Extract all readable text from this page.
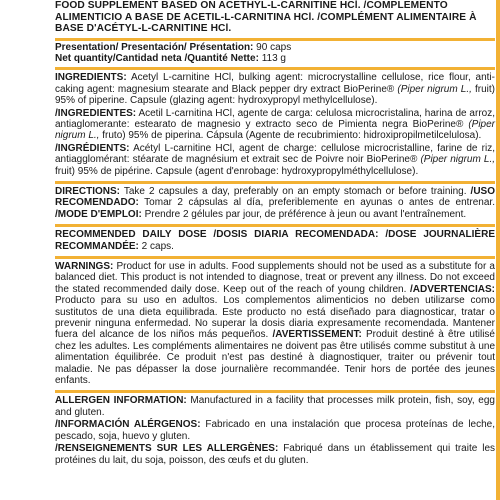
FOOD SUPPLEMENT BASED ON ACETHYL-L-CARNITINE HCl. /COMPLEMENTO ALIMENTICIO A BASE DE ACETIL-L-CARNITINA HCl. /COMPLÉMENT ALIMENTAIRE À BASE D'ACÉTYL-L-CARNITINE HCl.
Presentation/ Presentación/ Présentation: 90 caps
Net quantity/Cantidad neta /Quantité Nette: 113 g
INGREDIENTS: Acetyl L-carnitine HCl, bulking agent: microcrystalline cellulose, rice flour, anti-caking agent: magnesium stearate and Black pepper dry extract BioPerine® (Piper nigrum L., fruit) 95% of piperine. Capsule (glazing agent: hydroxypropyl methylcellulose).
/INGREDIENTES: Acetil L-carnitina HCl, agente de carga: celulosa microcristalina, harina de arroz, antiaglomerante: estearato de magnesio y extracto seco de Pimienta negra BioPerine® (Piper nigrum L., fruto) 95% de piperina. Cápsula (Agente de recubrimiento: hidroxipropilmetilcelulosa).
/INGRÉDIENTS: Acétyl L-carnitine HCl, agent de charge: cellulose microcristalline, farine de riz, antiagglomérant: stéarate de magnésium et extrait sec de Poivre noir BioPerine® (Piper nigrum L., fruit) 95% de pipérine. Capsule (agent d'enrobage: hydroxypropylméthylcellulose).
DIRECTIONS: Take 2 capsules a day, preferably on an empty stomach or before training. /USO RECOMENDADO: Tomar 2 cápsulas al día, preferiblemente en ayunas o antes de entrenar. /MODE D'EMPLOI: Prendre 2 gélules par jour, de préférence à jeun ou avant l'entraînement.
RECOMMENDED DAILY DOSE /DOSIS DIARIA RECOMENDADA: /DOSE JOURNALIÈRE RECOMMANDÉE: 2 caps.
WARNINGS: Product for use in adults. Food supplements should not be used as a substitute for a balanced diet. This product is not intended to diagnose, treat or prevent any illness. Do not exceed the stated recommended daily dose. Keep out of the reach of young children. /ADVERTENCIAS: Producto para su uso en adultos. Los complementos alimenticios no deben utilizarse como sustitutos de una dieta equilibrada. Este producto no está diseñado para diagnosticar, tratar o prevenir ninguna enfermedad. No superar la dosis diaria expresamente recomendada. Mantener fuera del alcance de los niños más pequeños. /AVERTISSEMENT: Produit destiné à être utilisé chez les adultes. Les compléments alimentaires ne doivent pas être utilisés comme substitut à une alimentation équilibrée. Ce produit n'est pas destiné à diagnostiquer, traiter ou prévenir tout maladie. Ne pas dépasser la dose journalière recommandée. Tenir hors de portée des jeunes enfants.
ALLERGEN INFORMATION: Manufactured in a facility that processes milk protein, fish, soy, egg and gluten.
/INFORMACIÓN ALÉRGENOS: Fabricado en una instalación que procesa proteínas de leche, pescado, soja, huevo y gluten.
/RENSEIGNEMENTS SUR LES ALLERGÈNES: Fabriqué dans un établissement qui traite les protéines du lait, du soja, poisson, des œufs et du gluten.
